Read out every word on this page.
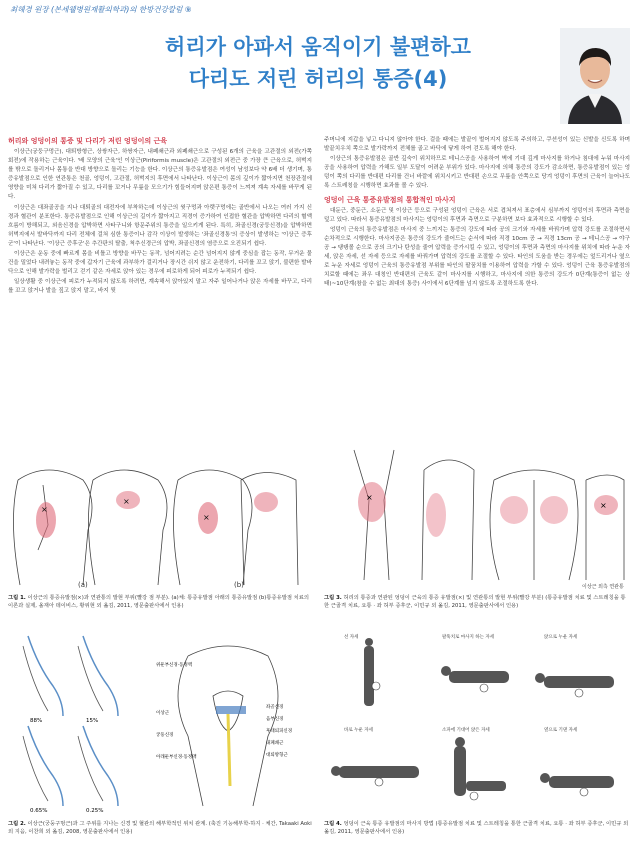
최해경 원장 (본세웰병원재활의학과)의 한방건강칼럼 ⑨
허리가 아파서 움직이기 불편하고
다리도 저린 허리의 통증(4)
허리와 엉덩이의 통증 및 다리가 저린 엉덩이의 근육

이상근(궁둥구멍근), 대퇴방형근, 상쌍자근, 하쌍자근, 내폐쇄근과 외폐쇄근으로 구성된 6개의 근육을 고관절의 외전(가쪽 회전)에 작용하는 근육이다. '배 모양의 근육'인 이상근(Piriformis muscle)은 고관절의 외전근 중 가장 큰 근육으로, 허벅지를 밖으로 돌리거나 몸통을 반대 방향으로 돌리는 기능을 한다. 이상근의 통증유발점은 여성이 남성보다 약 6배 더 생기며, 통증유발점으로 인한 연관통은 천골, 엉덩이, 고관절, 허벅지의 후면에서 나타난다. 이상근이 몸의 깊이가 짧아지면 천장관절에 영향을 미쳐 다리가 짧아질 수 있고, 다리를 꼬거나 무릎을 모으기가 힘들어지며 앉은편 통증이 느껴져 계속 자세를 바꾸게 된다.

이상근은 대좌골공을 지나 대퇴골의 대전자에 부착하는데 이상근의 윗구멍과 아랫구멍에는 골반에서 나오는 여러 가지 신경과 혈관이 분포한다. 통증유발점으로 인해 이상근의 길이가 짧아지고 직경이 증가하여 인접한 혈관을 압박하면 다리의 혈액 흐름이 방해되고, 외음신경을 압박하면 사타구니와 항문주위의 통증을 일으키게 된다. 특히, 좌골신경(궁둥신경)을 압박하면 허벅지에서 발바닥까지 다리 전체에 걸쳐 심한 통증이나 감각 이상이 발생하는 '좌골신경통'의 증상이 발생하는 '이상근 증후군'이 나타난다. '이상근 증후군'은 추간판의 탈출, 척추신경근의 압박, 좌골신경의 염증으로 오진되기 쉽다.

이상근은 운동 중에 빠르게 몸을 비틀고 방향을 바꾸는 동작, 넘어지려는 순간 넘어지지 않게 중심을 잡는 동작, 무거운 물건을 밀었다 내려놓는 동작 중에 갑자기 근육에 과부하가 걸리거나 장시간 쉬지 않고 운전하기, 다리를 꼬고 앉기, 불편한 발바닥으로 인해 발가락을 벌리고 걷기 같은 자세로 앉아 있는 경우에 피로하게 되어 피로가 누적되기 쉽다.

일상생활 중 이상근에 피로가 누적되지 않도록 하려면, 계속해서 앉아있지 말고 자주 일어나거나 앉은 자세를 바꾸고, 다리를 꼬고 앉거나 발을 짚고 앉지 말고, 바지 뒷

주머니에 지갑을 넣고 다니지 않아야 한다. 걸을 때에는 발끝이 벌어지지 않도록 주의하고, 쿠션성이 있는 신발을 신도록 하며 발끝치우치 쪽으로 발가락까지 전체를 골고 바닥에 닿게 하여 걷도록 해야 한다.

이상근의 통증유발점은 골반 깊숙이 위치하므로 테니스공을 사용하여 벽에 기대 깊게 마사지를 하거나 침대에 누워 마사지공을 사용하여 압력을 가해도 일부 도달이 어려운 부위가 있다. 마사지에 의해 통증의 강도가 감소하면, 통증유발점이 있는 엉덩이 쪽의 다리를 반대편 다리를 건너 바깥에 위치시키고 반대편 손으로 무릎을 안쪽으로 당겨 엉덩이 후면의 근육이 늘어나도록 스트레칭을 시행하면 효과를 볼 수 있다.

엉덩이 근육 통증유발점의 통합적인 마사지

대둔근, 중둔근, 소둔근 및 이상근 등으로 구성된 엉덩이 근육은 서로 겹쳐져서 표층에서 심부까지 엉덩이의 후면과 측면을 덮고 있다. 따라서 통증유발점의 마사지는 엉덩이의 후면과 측면으로 구분하면 보다 효과적으로 시행할 수 있다.

엉덩이 근육의 통증유발점은 마사지 중 느끼지는 통증의 강도에 따라 공의 크기와 자세를 바꿔가며 압력 강도를 조절하면서 순차적으로 시행한다. 마사지공은 통증의 강도가 줄어드는 순서에 따라 직경 10cm 공 → 직경 13cm 공 → 테니스공 → 야구공 → 탱탱볼 순으로 공의 크기나 탄성을 줄여 압력을 증가시킬 수 있고, 엉덩이의 후면과 측면의 마사지를 위치에 따라 누운 자세, 앉은 자세, 선 자세 등으로 자세를 바꿔가며 압력의 강도를 조절할 수 있다. 타인의 도움을 받는 경우에는 엎드리거나 옆으로 누운 자세로 엉덩이 근육의 통증유발점 부위를 타인의 팔꿈치를 이용하여 압력을 가할 수 있다. 엉덩이 근육 통증유발점의 치료할 때에는 좌우 대칭인 반대편의 근육도 같이 마사지를 시행하고, 마사지에 의한 통증의 강도가 0단계(통증이 없는 상태)~10단계(참을 수 없는 최대의 통증) 사이에서 6단계를 넘지 않도록 조절하도록 한다.

×
×
×
(a)	(b)
그림 1. 이상근의 통증유발점(×)과 연관통의 발현 부위(빨강 점 부분). (a)체: 통증유발점 아래의 통증유발점 (b)통증유발점 치료의 이론과 실제, 올재아 데이비스, 황위현 외 옮김, 2011, 영문출판사에서 인용)
×
×
이상근 외측 연관통
그림 3. 허리의 통증과 연관된 엉덩이 근육의 통증 유발점(×) 및 연관통의 발현 부위(빨강 부분) (통증유발점 치료 및 스트레칭을 통한 근골격 치료, 요통 · 좌 허부 증후군, 이민규 외 옮김, 2011, 영문출판사에서 인용)
88%	15%
0.65%	0.25%
위둔부신경·동정맥
이상근
궁둥신경
아래둔부신경·동정맥
좌골신경
음부신경
후대퇴피신경
내폐쇄근
대퇴방형근
그림 2. 이상근(궁둥구멍근)과 그 주위를 지나는 신경 및 혈관의 해부학적인 위치 관계. (축진 기능해부학-하지 · 체간, Takaaki Aoki 외 지음, 이찬희 외 옮김, 2008, 영문출판사에서 인용)
선 자세	팔뚝치로 마사지 하는 자세	앉으로 누운 자세
바로 누운 자세	소파에 기대어 앉은 자세	옆으로 기댄 자세
그림 4. 엉덩이 근육 통증 유발점의 마사지 방법 (통증유발점 치료 및 스트레칭을 통한 근골격 치료, 요통 · 좌 허부 증후군, 이민규 외 옮김, 2011, 영문출판사에서 인용)
